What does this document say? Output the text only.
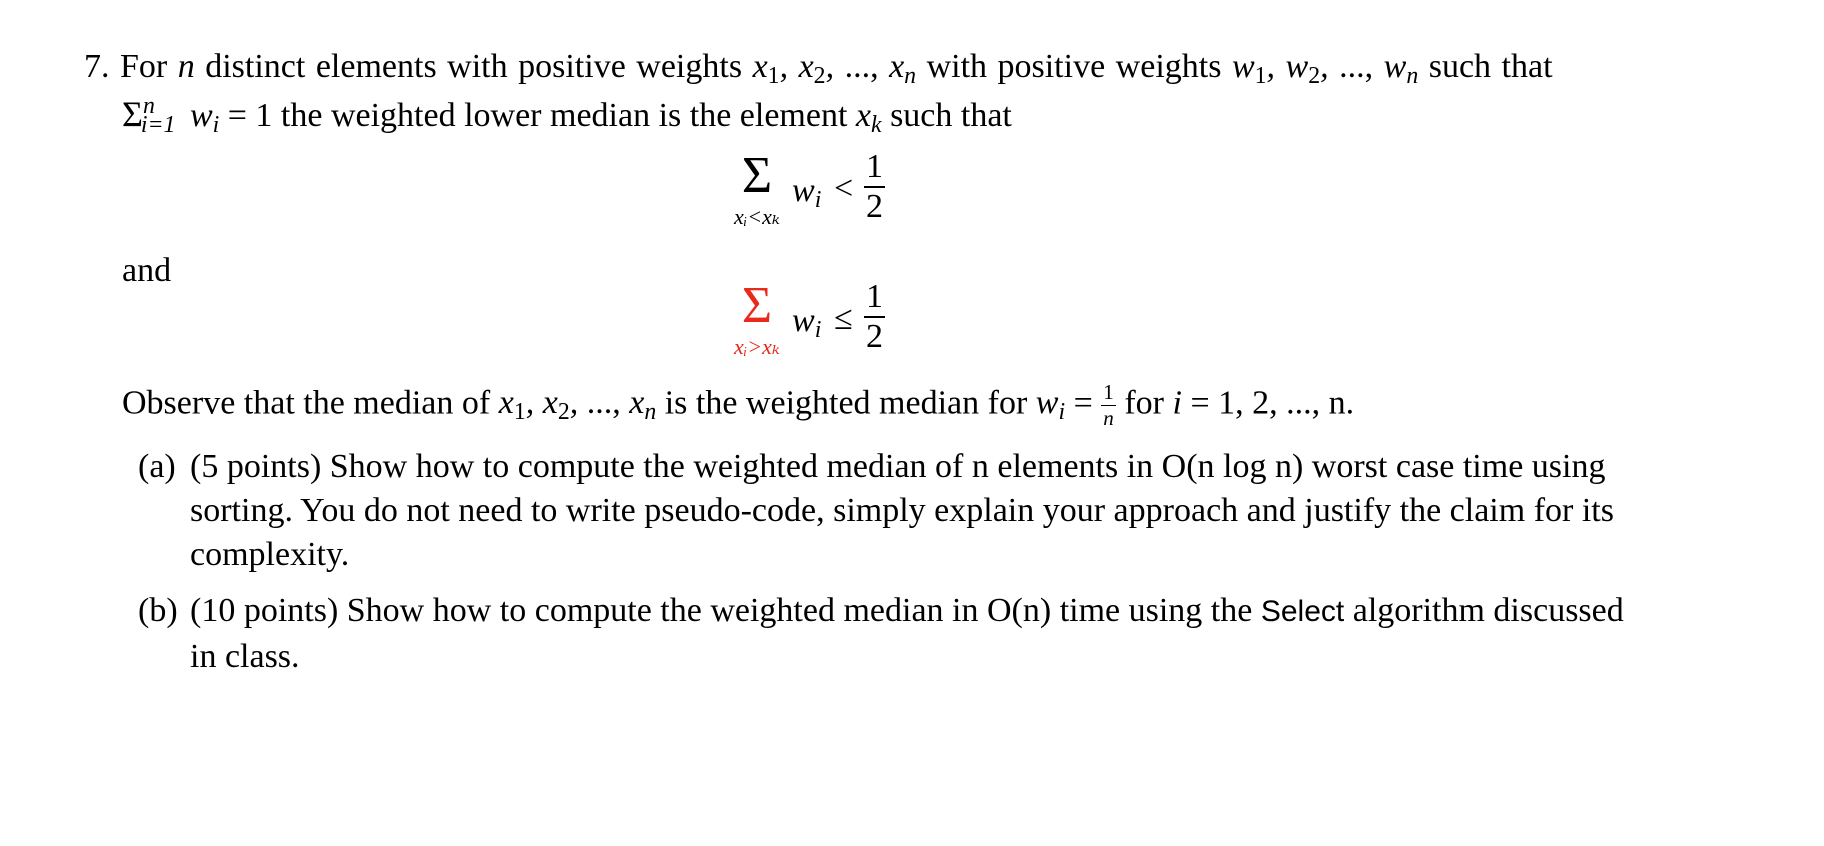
7. For n distinct elements with positive weights $x_1$, $x_2$, ..., $x_n$ with positive weights $w_1$, $w_2$, ..., $w_n$ such that
$\Sigma^n_{i=1}$ $w_i = 1$ the weighted lower median is the element $x_k$ such that
Σ
xᵢ<xₖ
$w_i < \frac{1}{2}$
and
Σ
xᵢ>xₖ
$w_i \le \frac{1}{2}$
Observe that the median of $x_1$, $x_2$, ..., $x_n$ is the weighted median for $w_i = \frac{1}{n}$ for i = 1, 2, ..., n.
(a) (5 points) Show how to compute the weighted median of n elements in O(n log n) worst case time using
sorting. You do not need to write pseudo-code, simply explain your approach and justify the claim for its
complexity.
(b) (10 points) Show how to compute the weighted median in O(n) time using the Select algorithm discussed
in class.
